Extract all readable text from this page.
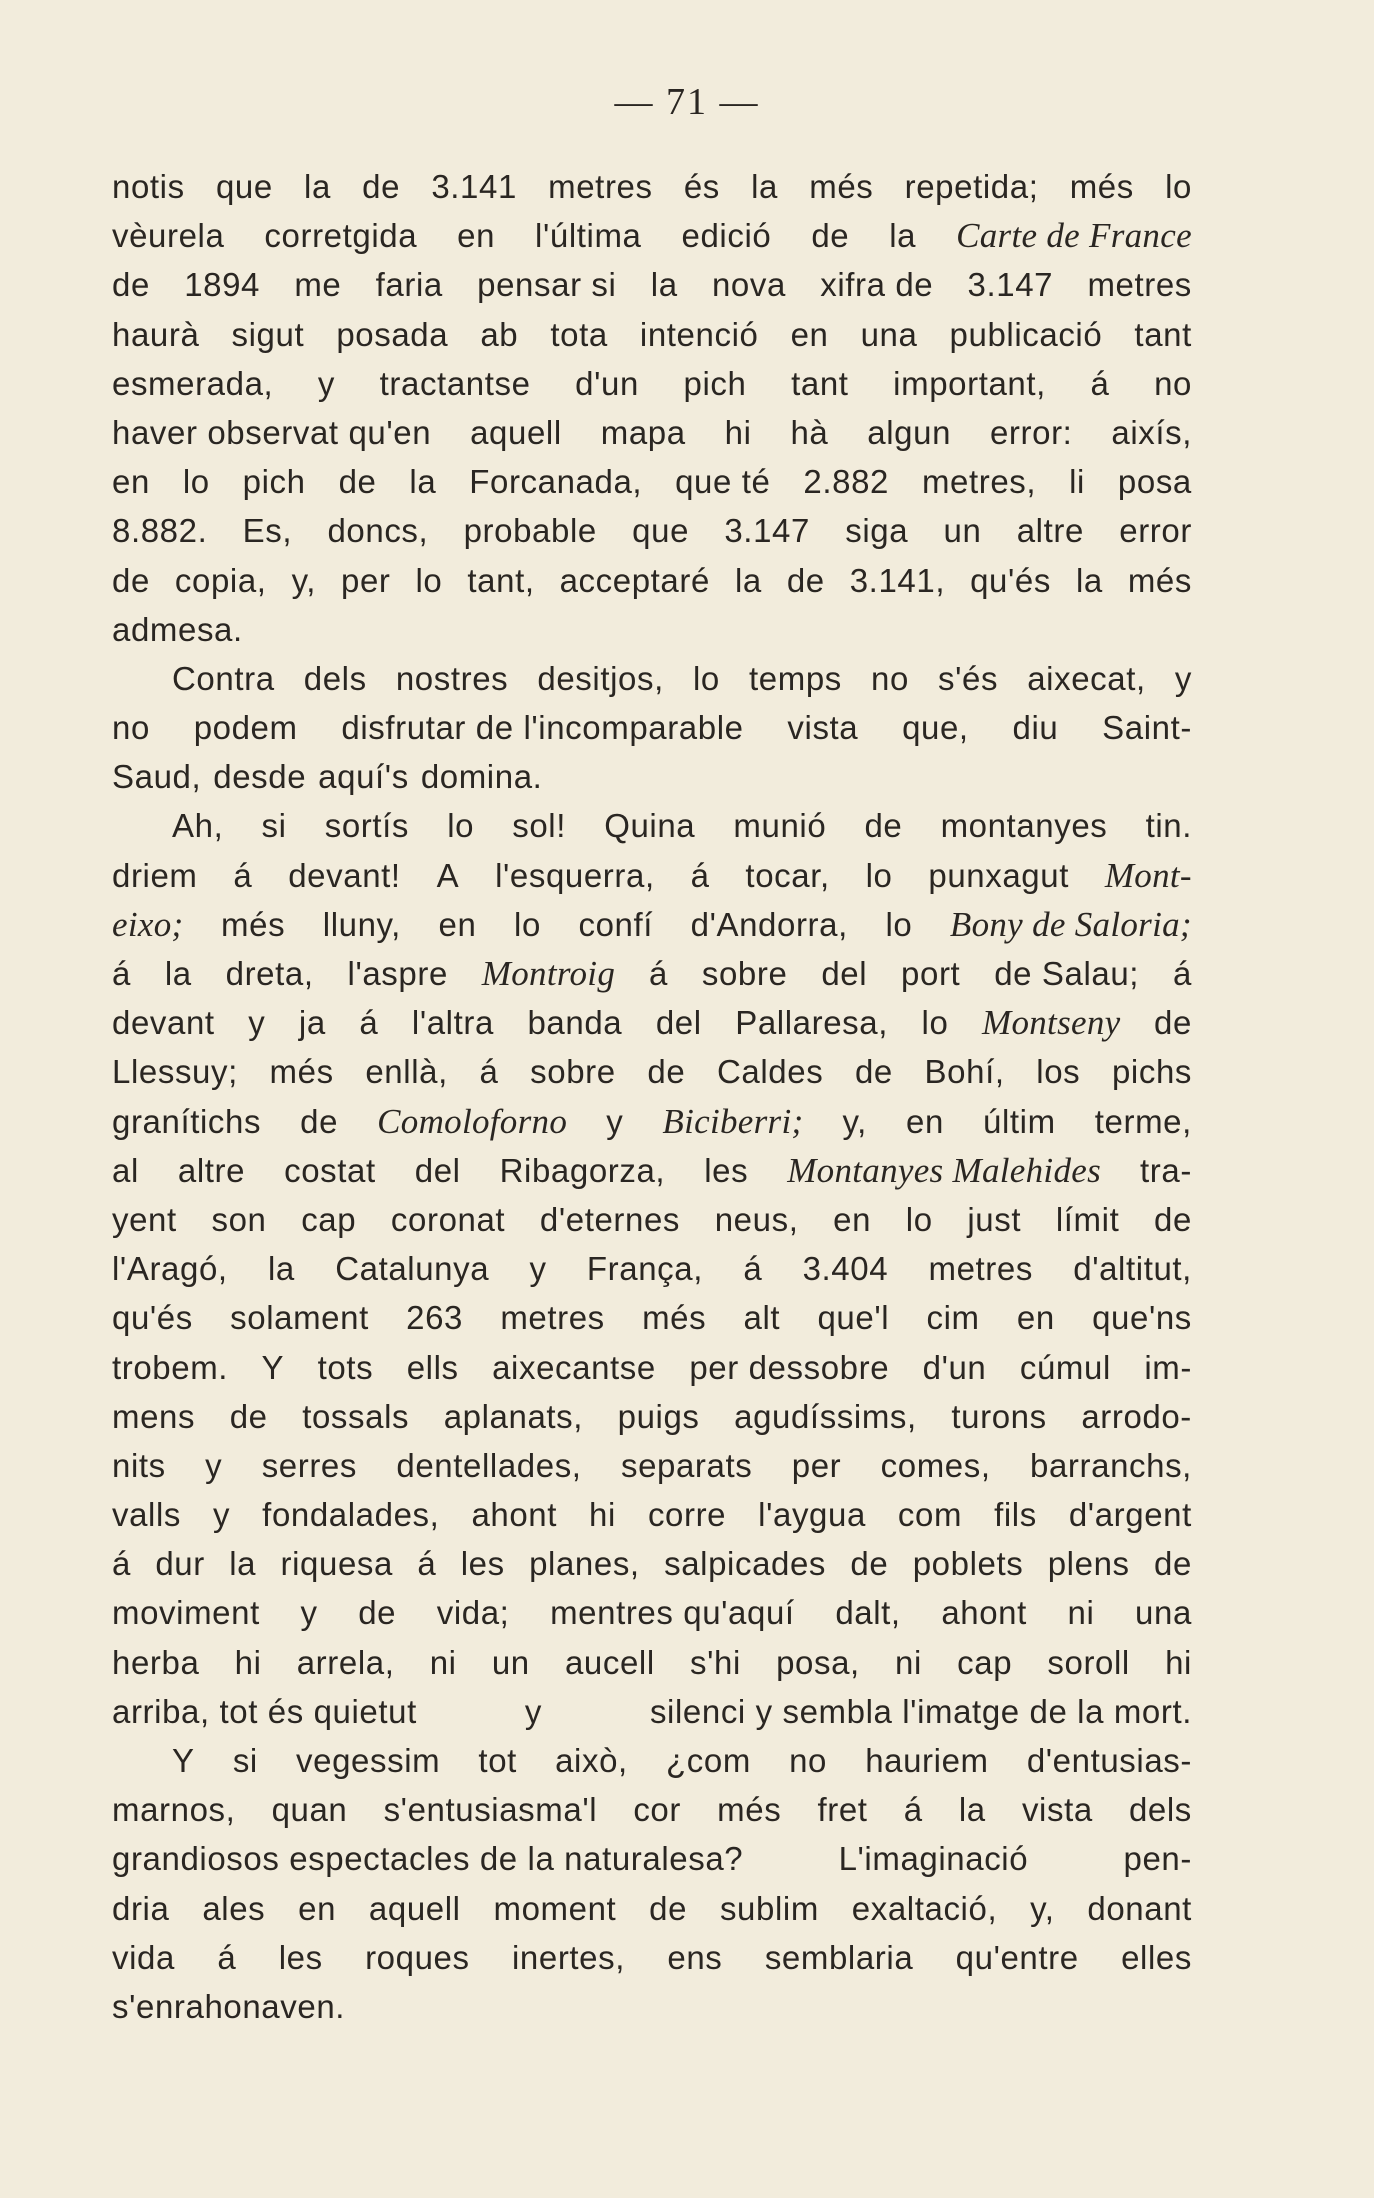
— 71 —
notis que la de 3.141 metres és la més repetida; més lo
vèurela corretgida en l'última edició de la Carte de France
de 1894 me faria pensar si la nova xifra de 3.147 metres
haurà sigut posada ab tota intenció en una publicació tant
esmerada, y tractantse d'un pich tant important, á no
haver observat qu'en aquell mapa hi hà algun error: aixís,
en lo pich de la Forcanada, que té 2.882 metres, li posa
8.882. Es, doncs, probable que 3.147 siga un altre error
de copia, y, per lo tant, acceptaré la de 3.141, qu'és la més
admesa.
Contra dels nostres desitjos, lo temps no s'és aixecat, y
no podem disfrutar de l'incomparable vista que, diu Saint-
Saud, desde aquí's domina.
Ah, si sortís lo sol! Quina munió de montanyes tin.
driem á devant! A l'esquerra, á tocar, lo punxagut Mont-
eixo; més lluny, en lo confí d'Andorra, lo Bony de Saloria;
á la dreta, l'aspre Montroig á sobre del port de Salau; á
devant y ja á l'altra banda del Pallaresa, lo Montseny de
Llessuy; més enllà, á sobre de Caldes de Bohí, los pichs
granítichs de Comoloforno y Biciberri; y, en últim terme,
al altre costat del Ribagorza, les Montanyes Malehides tra-
yent son cap coronat d'eternes neus, en lo just límit de
l'Aragó, la Catalunya y França, á 3.404 metres d'altitut,
qu'és solament 263 metres més alt que'l cim en que'ns
trobem. Y tots ells aixecantse per dessobre d'un cúmul im-
mens de tossals aplanats, puigs agudíssims, turons arrodo-
nits y serres dentellades, separats per comes, barranchs,
valls y fondalades, ahont hi corre l'aygua com fils d'argent
á dur la riquesa á les planes, salpicades de poblets plens de
moviment y de vida; mentres qu'aquí dalt, ahont ni una
herba hi arrela, ni un aucell s'hi posa, ni cap soroll hi
arriba, tot és quietut	y	silenci y sembla l'imatge de la mort.
Y si vegessim tot això, ¿com no hauriem d'entusias-
marnos, quan s'entusiasma'l cor més fret á la vista dels
grandiosos espectacles de la naturalesa?	L'imaginació	pen-
dria ales en aquell moment de sublim exaltació, y, donant
vida á les roques inertes, ens semblaria qu'entre elles
s'enrahonaven.
